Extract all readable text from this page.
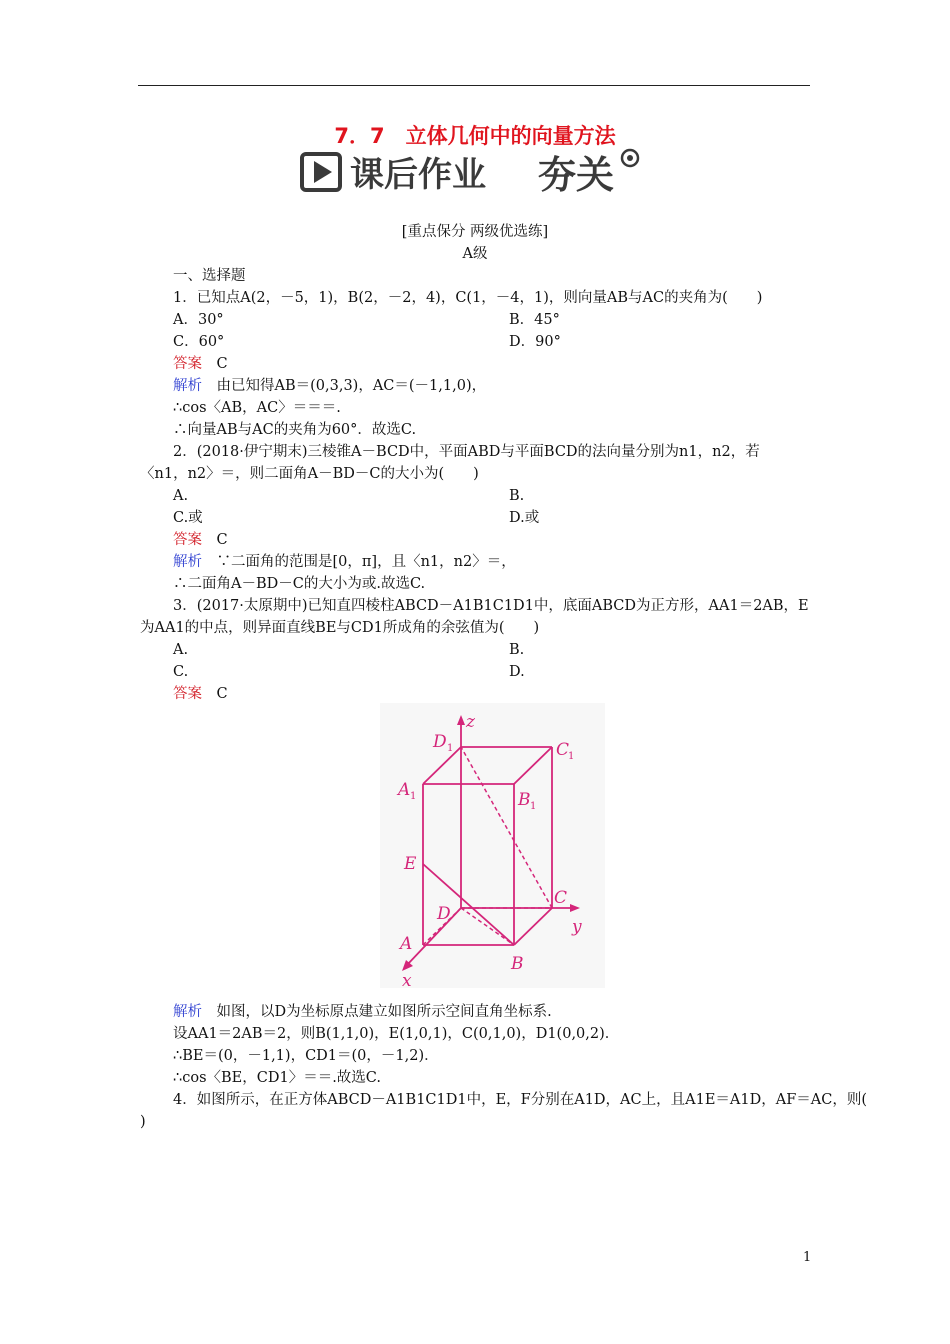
7．7　立体几何中的向量方法
课后作业 夯关
[重点保分 两级优选练]
A级
一、选择题
1．已知点A(2，－5，1)，B(2，－2，4)，C(1，－4，1)，则向量AB与AC的夹角为(　　)
A．30°	B．45°
C．60°	D．90°
答案　 C
解析　 由已知得AB＝(0,3,3)，AC＝(－1,1,0)，
∴cos〈AB，AC〉＝＝＝.
∴向量AB与AC的夹角为60°．故选C.
2．(2018·伊宁期末)三棱锥A－BCD中，平面ABD与平面BCD的法向量分别为n1，n2，若
〈n1，n2〉＝，则二面角A－BD－C的大小为(　　)
A.	B.
C.或	D.或
答案　 C
解析　 ∵二面角的范围是[0，π]，且〈n1，n2〉＝，
∴二面角A－BD－C的大小为或.故选C.
3．(2017·太原期中)已知直四棱柱ABCD－A1B1C1D1中，底面ABCD为正方形，AA1＝2AB，E
为AA1的中点，则异面直线BE与CD1所成角的余弦值为(　　)
A.	B.
C.	D.
答案　 C
z
y
x
D 1	C
1
A 1	B 1
E
D
C
A
B
解析　 如图，以D为坐标原点建立如图所示空间直角坐标系.
设AA1＝2AB＝2，则B(1,1,0)，E(1,0,1)，C(0,1,0)，D1(0,0,2)．
∴BE＝(0，－1,1)，CD1＝(0，－1,2)．
∴cos〈BE，CD1〉＝＝.故选C.
4．如图所示，在正方体ABCD－A1B1C1D1中，E，F分别在A1D，AC上，且A1E＝A1D，AF＝AC，则(
)
1
